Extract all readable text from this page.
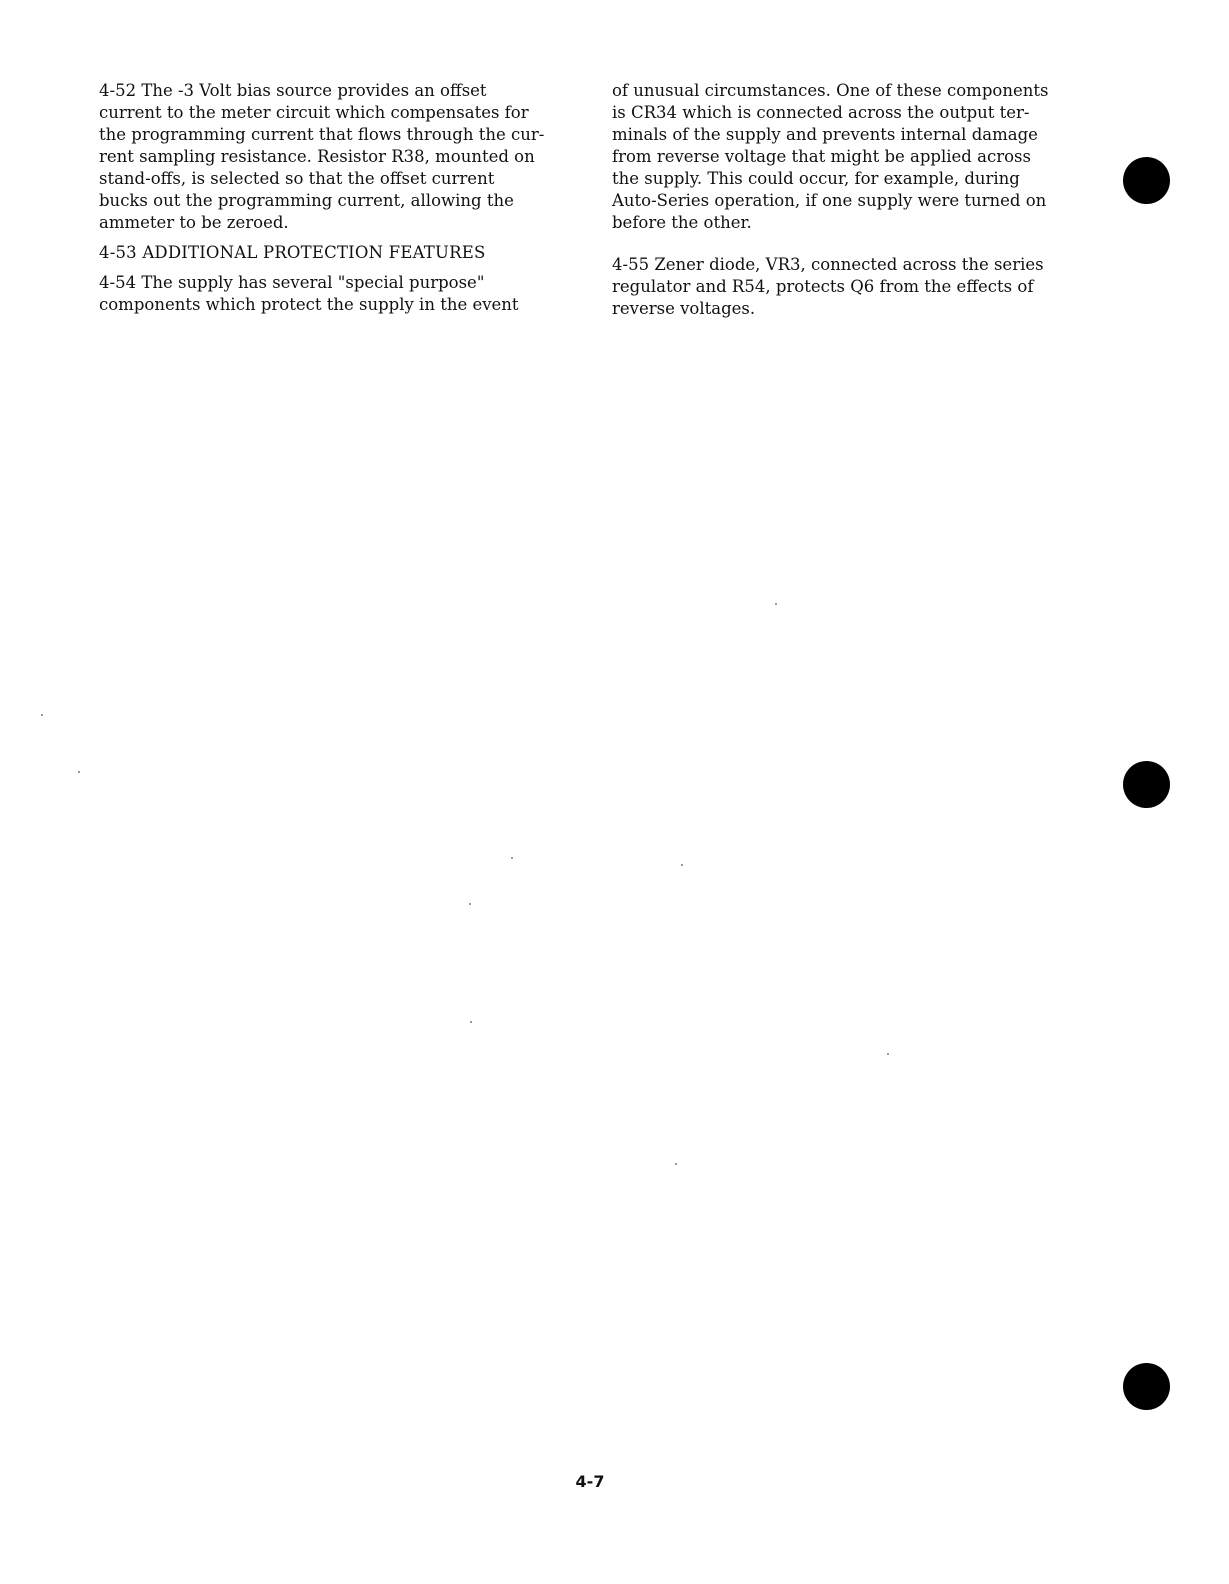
4-52 The -3 Volt bias source provides an offset
current to the meter circuit which compensates for
the programming current that flows through the cur-
rent sampling resistance. Resistor R38, mounted on
stand-offs, is selected so that the offset current
bucks out the programming current, allowing the
ammeter to be zeroed.

4-53 ADDITIONAL PROTECTION FEATURES

4-54 The supply has several "special purpose"
components which protect the supply in the event

of unusual circumstances. One of these components
is CR34 which is connected across the output ter-
minals of the supply and prevents internal damage
from reverse voltage that might be applied across
the supply. This could occur, for example, during
Auto-Series operation, if one supply were turned on
before the other.

4-55 Zener diode, VR3, connected across the series
regulator and R54, protects Q6 from the effects of
reverse voltages.

4-7
